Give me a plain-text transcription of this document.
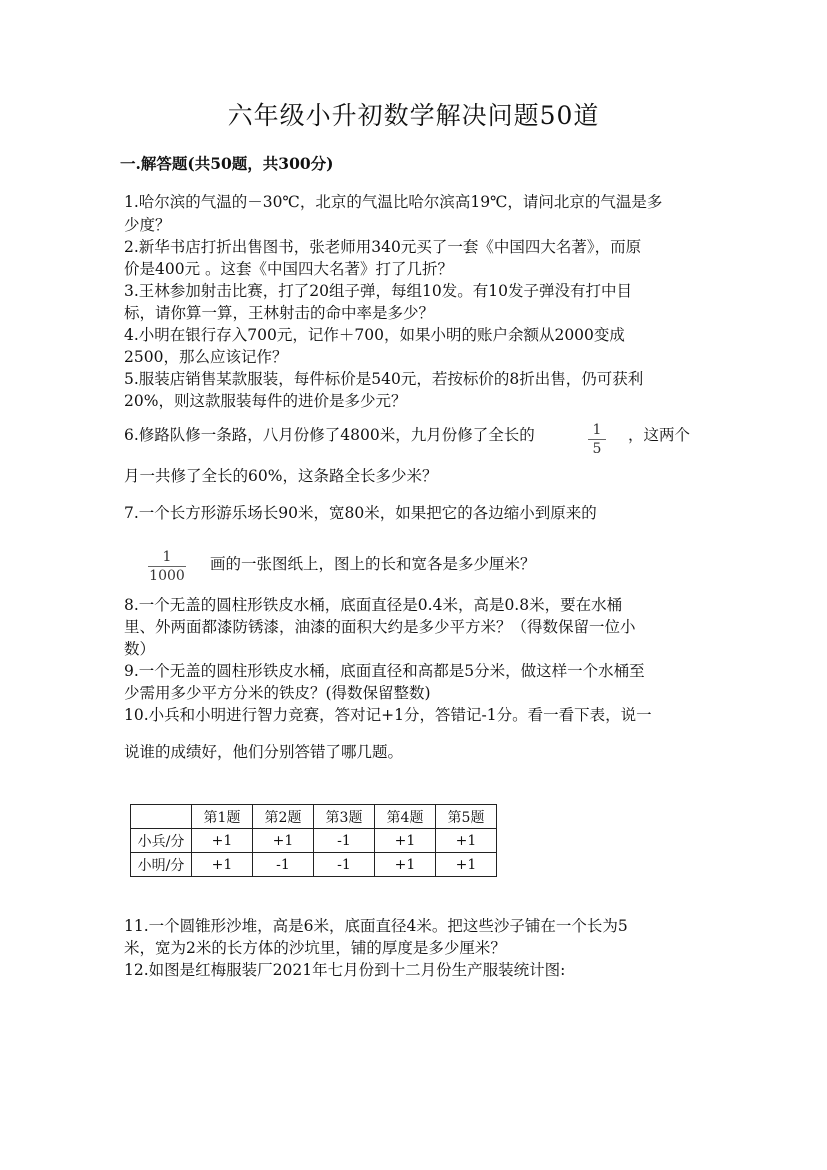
六年级小升初数学解决问题50道
一.解答题(共50题，共300分)
1.哈尔滨的气温的－30℃，北京的气温比哈尔滨高19℃，请问北京的气温是多
少度？
2.新华书店打折出售图书，张老师用340元买了一套《中国四大名著》，而原
价是400元 。这套《中国四大名著》打了几折？
3.王林参加射击比赛，打了20组子弹，每组10发。有10发子弹没有打中目
标，请你算一算，王林射击的命中率是多少？
4.小明在银行存入700元，记作＋700，如果小明的账户余额从2000变成
2500，那么应该记作？
5.服装店销售某款服装，每件标价是540元，若按标价的8折出售，仍可获利
20%，则这款服装每件的进价是多少元？
6.修路队修一条路，八月份修了4800米，九月份修了全长的	1
5
，这两个
月一共修了全长的60%，这条路全长多少米？
7.一个长方形游乐场长90米，宽80米，如果把它的各边缩小到原来的
1
1000
画的一张图纸上，图上的长和宽各是多少厘米？
8.一个无盖的圆柱形铁皮水桶，底面直径是0.4米，高是0.8米，要在水桶
里、外两面都漆防锈漆，油漆的面积大约是多少平方米？（得数保留一位小
数）
9.一个无盖的圆柱形铁皮水桶，底面直径和高都是5分米，做这样一个水桶至
少需用多少平方分米的铁皮？(得数保留整数)
10.小兵和小明进行智力竞赛，答对记+1分，答错记-1分。看一看下表，说一
说谁的成绩好，他们分别答错了哪几题。
	第1题	第2题	第3题	第4题	第5题
小兵/分	+1	+1	-1	+1	+1
小明/分	+1	-1	-1	+1	+1
11.一个圆锥形沙堆，高是6米，底面直径4米。把这些沙子铺在一个长为5
米，宽为2米的长方体的沙坑里，铺的厚度是多少厘米？
12.如图是红梅服装厂2021年七月份到十二月份生产服装统计图:
